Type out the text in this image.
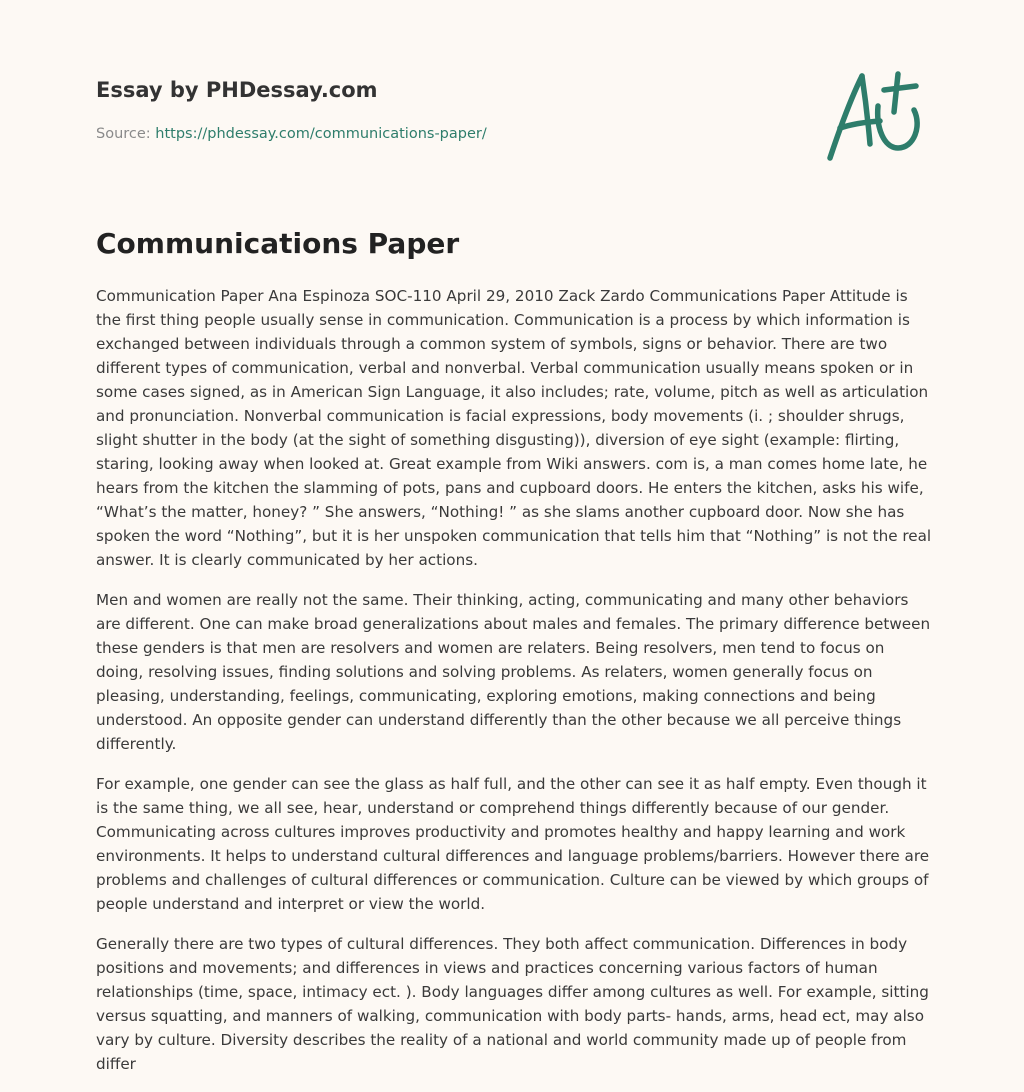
Essay by PHDessay.com
Source: https://phdessay.com/communications-paper/
Communications Paper

Communication Paper Ana Espinoza SOC-110 April 29, 2010 Zack Zardo Communications Paper Attitude is the first thing people usually sense in communication. Communication is a process by which information is exchanged between individuals through a common system of symbols, signs or behavior. There are two different types of communication, verbal and nonverbal. Verbal communication usually means spoken or in some cases signed, as in American Sign Language, it also includes; rate, volume, pitch as well as articulation and pronunciation. Nonverbal communication is facial expressions, body movements (i. ; shoulder shrugs, slight shutter in the body (at the sight of something disgusting)), diversion of eye sight (example: flirting, staring, looking away when looked at. Great example from Wiki answers. com is, a man comes home late, he hears from the kitchen the slamming of pots, pans and cupboard doors. He enters the kitchen, asks his wife, “What’s the matter, honey? ” She answers, “Nothing! ” as she slams another cupboard door. Now she has spoken the word “Nothing”, but it is her unspoken communication that tells him that “Nothing” is not the real answer. It is clearly communicated by her actions.

Men and women are really not the same. Their thinking, acting, communicating and many other behaviors are different. One can make broad generalizations about males and females. The primary difference between these genders is that men are resolvers and women are relaters. Being resolvers, men tend to focus on doing, resolving issues, finding solutions and solving problems. As relaters, women generally focus on pleasing, understanding, feelings, communicating, exploring emotions, making connections and being understood. An opposite gender can understand differently than the other because we all perceive things differently.

For example, one gender can see the glass as half full, and the other can see it as half empty. Even though it is the same thing, we all see, hear, understand or comprehend things differently because of our gender. Communicating across cultures improves productivity and promotes healthy and happy learning and work environments. It helps to understand cultural differences and language problems/barriers. However there are problems and challenges of cultural differences or communication. Culture can be viewed by which groups of people understand and interpret or view the world.

Generally there are two types of cultural differences. They both affect communication. Differences in body positions and movements; and differences in views and practices concerning various factors of human relationships (time, space, intimacy ect. ). Body languages differ among cultures as well. For example, sitting versus squatting, and manners of walking, communication with body parts- hands, arms, head ect, may also vary by culture. Diversity describes the reality of a national and world community made up of people from differ
